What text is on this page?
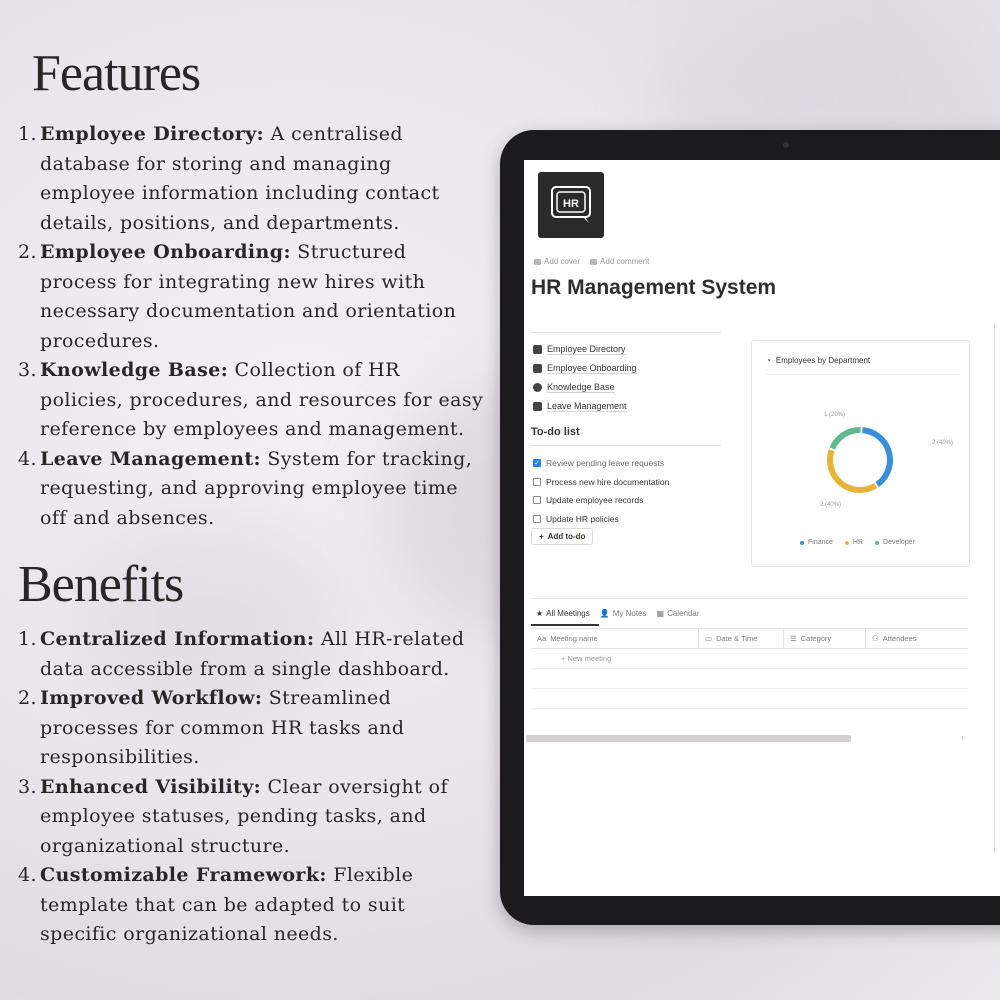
Features
1. Employee Directory: A centralised database for storing and managing employee information including contact details, positions, and departments.
2. Employee Onboarding: Structured process for integrating new hires with necessary documentation and orientation procedures.
3. Knowledge Base: Collection of HR policies, procedures, and resources for easy reference by employees and management.
4. Leave Management: System for tracking, requesting, and approving employee time off and absences.
Benefits
1. Centralized Information: All HR-related data accessible from a single dashboard.
2. Improved Workflow: Streamlined processes for common HR tasks and responsibilities.
3. Enhanced Visibility: Clear oversight of employee statuses, pending tasks, and organizational structure.
4. Customizable Framework: Flexible template that can be adapted to suit specific organizational needs.
HR
Add cover	Add comment
HR Management System
Employee Directory
Employee Onboarding
Knowledge Base
Leave Management
To-do list
✓ Review pending leave requests
Process new hire documentation
Update employee records
Update HR policies
+ Add to-do
◔ Employees by Department
2 (40%)
2 (40%)
1 (20%)
Finance	HR	Developer
★ All Meetings 👤 My Notes ▦ Calendar
Aa Meeting name	▭ Date & Time	☰ Category	⚇ Attendees
+ New meeting
›
